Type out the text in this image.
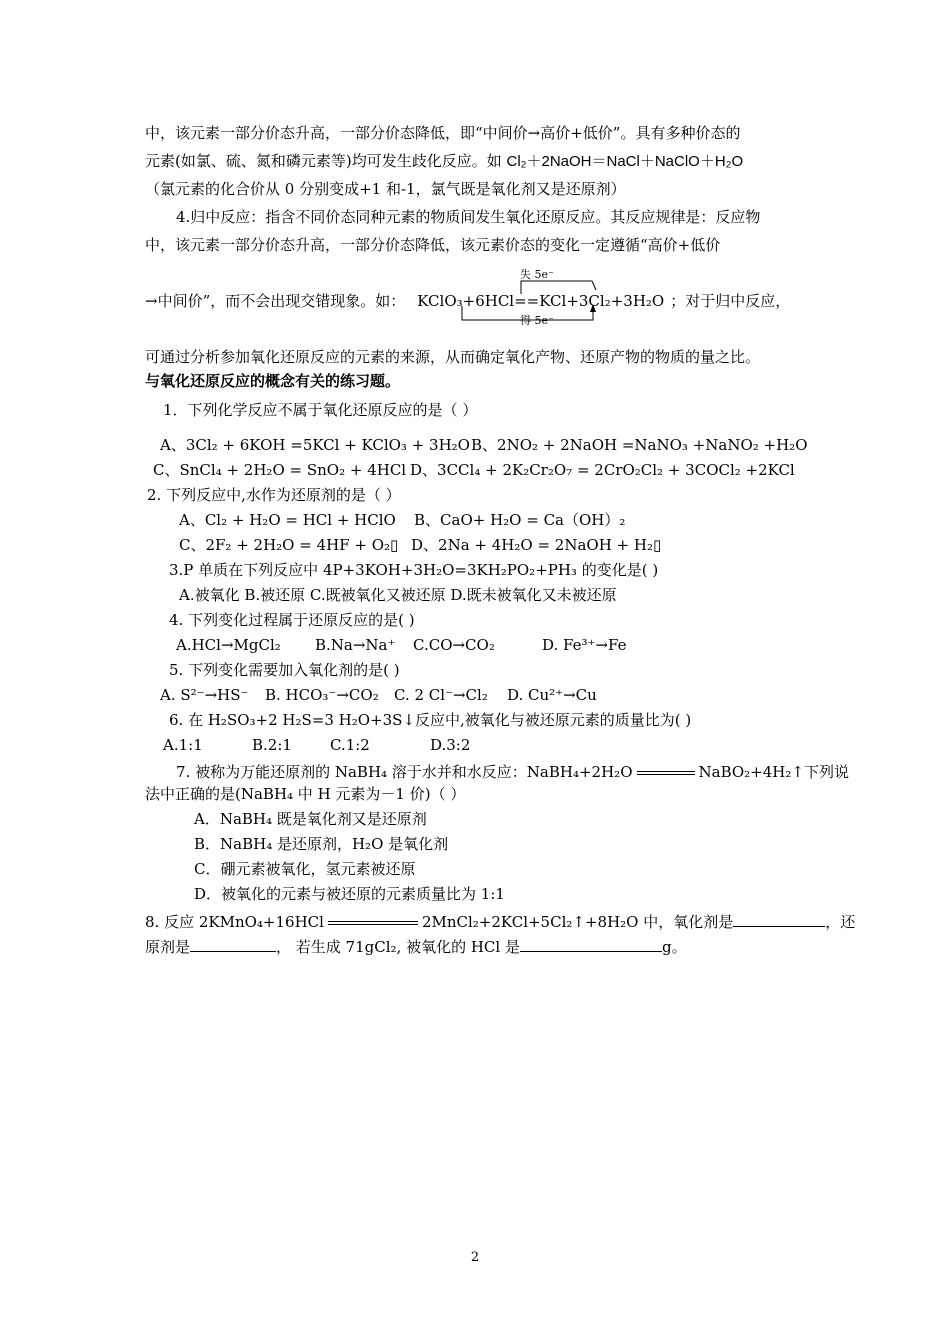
中，该元素一部分价态升高，一部分价态降低，即“中间价→高价+低价”。具有多种价态的
元素(如氯、硫、氮和磷元素等)均可发生歧化反应。如 Cl₂＋2NaOH＝NaCl＋NaClO＋H₂O
（氯元素的化合价从 0 分别变成+1 和-1，氯气既是氧化剂又是还原剂）
4.归中反应：指含不同价态同种元素的物质间发生氧化还原反应。其反应规律是：反应物
中，该元素一部分价态升高，一部分价态降低，该元素价态的变化一定遵循“高价+低价
失 5e⁻
→中间价”，而不会出现交错现象。如： KClO₃+6HCl==KCl+3Cl₂+3H₂O ；对于归中反应，
得 5e⁻
可通过分析参加氧化还原反应的元素的来源，从而确定氧化产物、还原产物的物质的量之比。
与氧化还原反应的概念有关的练习题。
1．下列化学反应不属于氧化还原反应的是（ ）
A、3Cl₂ + 6KOH =5KCl + KClO₃ + 3H₂O B、2NO₂ + 2NaOH =NaNO₃ +NaNO₂ +H₂O
C、SnCl₄ + 2H₂O = SnO₂ + 4HCl D、3CCl₄ + 2K₂Cr₂O₇ = 2CrO₂Cl₂ + 3COCl₂ +2KCl
2. 下列反应中,水作为还原剂的是（ ）
A、Cl₂ + H₂O = HCl + HClO B、CaO+ H₂O = Ca（OH）₂
C、2F₂ + 2H₂O = 4HF + O₂▯ D、2Na + 4H₂O = 2NaOH + H₂▯
3.P 单质在下列反应中 4P+3KOH+3H₂O=3KH₂PO₂+PH₃ 的变化是( )
A.被氧化 B.被还原 C.既被氧化又被还原 D.既未被氧化又未被还原
4. 下列变化过程属于还原反应的是( )
A.HCl→MgCl₂ B.Na→Na⁺ C.CO→CO₂	D. Fe³⁺→Fe
5. 下列变化需要加入氧化剂的是( )
A. S²⁻→HS⁻ B. HCO₃⁻→CO₂ C. 2 Cl⁻→Cl₂ D. Cu²⁺→Cu
6. 在 H₂SO₃+2 H₂S=3 H₂O+3S↓反应中,被氧化与被还原元素的质量比为( )
A.1:1	B.2:1	C.1:2	D.3:2
7. 被称为万能还原剂的 NaBH₄ 溶于水并和水反应：NaBH₄+2H₂O	NaBO₂+4H₂↑下列说
法中正确的是(NaBH₄ 中 H 元素为－1 价)（ ）
A．NaBH₄ 既是氧化剂又是还原剂
B．NaBH₄ 是还原剂，H₂O 是氧化剂
C．硼元素被氧化，氢元素被还原
D．被氧化的元素与被还原的元素质量比为 1:1
8. 反应 2KMnO₄+16HCl	2MnCl₂+2KCl+5Cl₂↑+8H₂O 中，氧化剂是	，还
原剂是	， 若生成 71gCl₂, 被氧化的 HCl 是	g。
2
